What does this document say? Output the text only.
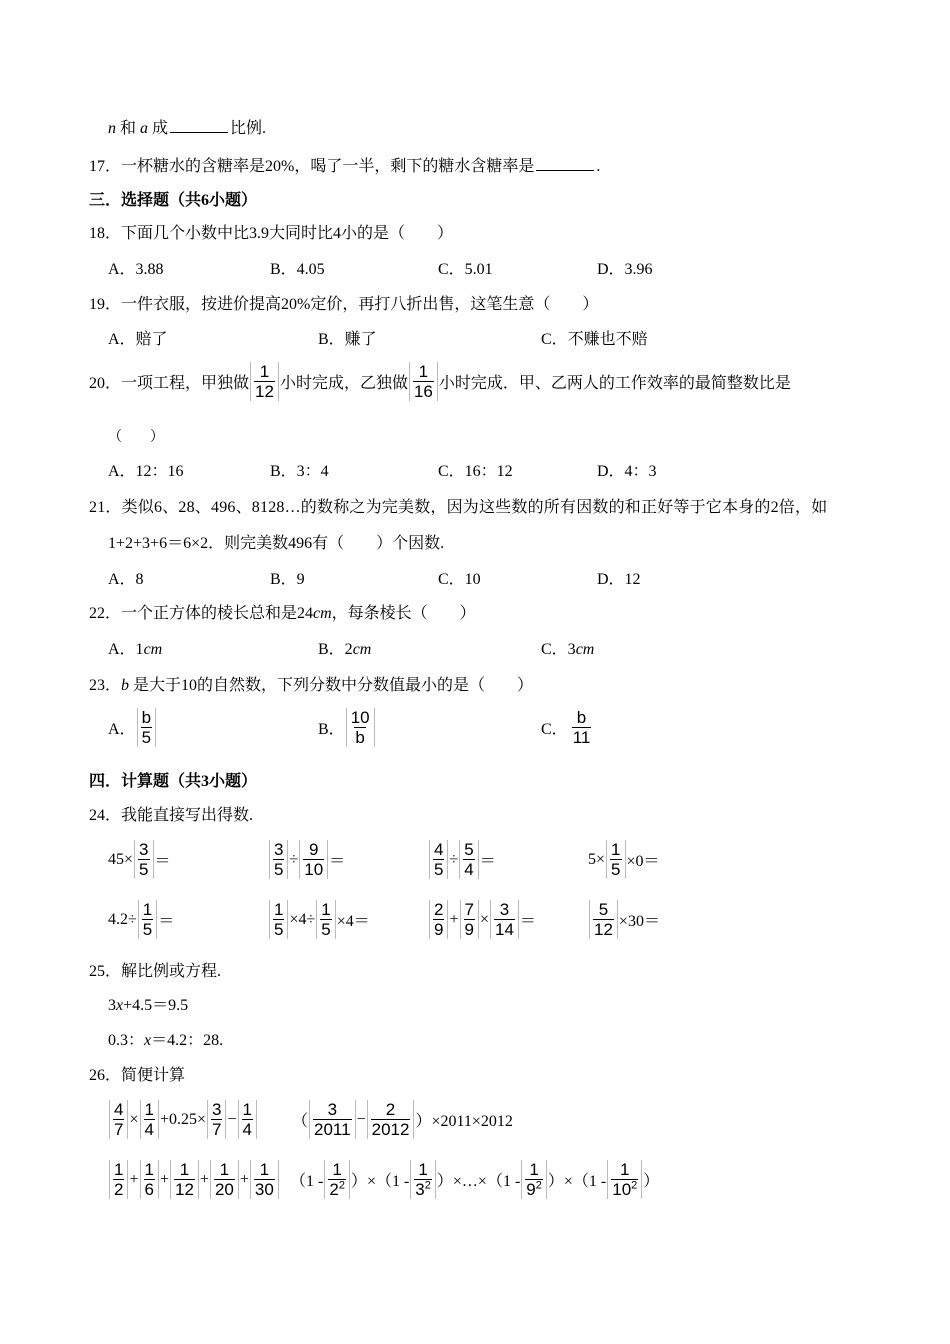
n 和 a 成	比例.
17．一杯糖水的含糖率是20%，喝了一半，剩下的糖水含糖率是	.
三．选择题（共6小题）
18．下面几个小数中比3.9大同时比4小的是（　　）
A．3.88	B．4.05	C．5.01	D．3.96
19．一件衣服，按进价提高20%定价，再打八折出售，这笔生意（　　）
A．赔了	B．赚了	C．不赚也不赔
20．一项工程，甲独做 $\frac{1}{12}$ 小时完成，乙独做 $\frac{1}{16}$ 小时完成．甲、乙两人的工作效率的最简整数比是
（　　）
A．12：16	B．3：4	C．16：12	D．4：3
21．类似6、28、496、8128…的数称之为完美数，因为这些数的所有因数的和正好等于它本身的2倍，如
1+2+3+6＝6×2．则完美数496有（　　）个因数.
A．8	B．9	C．10	D．12
22．一个正方体的棱长总和是24cm，每条棱长（　　）
A．1cm	B．2cm	C．3cm
23．b 是大于10的自然数，下列分数中分数值最小的是（　　）
A． $\frac{b}{5}$	B． $\frac{10}{b}$	C． $\frac{b}{11}$
四．计算题（共3小题）
24．我能直接写出得数.
$45\times \frac{3}{5}$ ＝	$\frac{3}{5} \div \frac{9}{10}$ ＝	$\frac{4}{5} \div \frac{5}{4}$ ＝	$5\times \frac{1}{5} \times 0=$
$4.2\div \frac{1}{5}$ ＝	$\frac{1}{5} \times 4\div \frac{1}{5} \times 4=$	$\frac{2}{9} + \frac{7}{9} \times \frac{3}{14}$ ＝	$\frac{5}{12} \times 30=$
25．解比例或方程.
3x+4.5＝9.5
0.3：x＝4.2：28.
26．简便计算
$\frac{4}{7} \times \frac{1}{4} +0.25\times \frac{3}{7} - \frac{1}{4}$ （ $\frac{3}{2011} - \frac{2}{2012} )\times 2011\times 2012$
$\frac{1}{2} + \frac{1}{6} + \frac{1}{12} + \frac{1}{20} + \frac{1}{30} (1 - \frac{1}{2^2} )\times(1 - \frac{1}{3^2}$ ）×…×（1 - $\frac{1}{9^2} )\times(1 - \frac{1}{10^2}$ ）
